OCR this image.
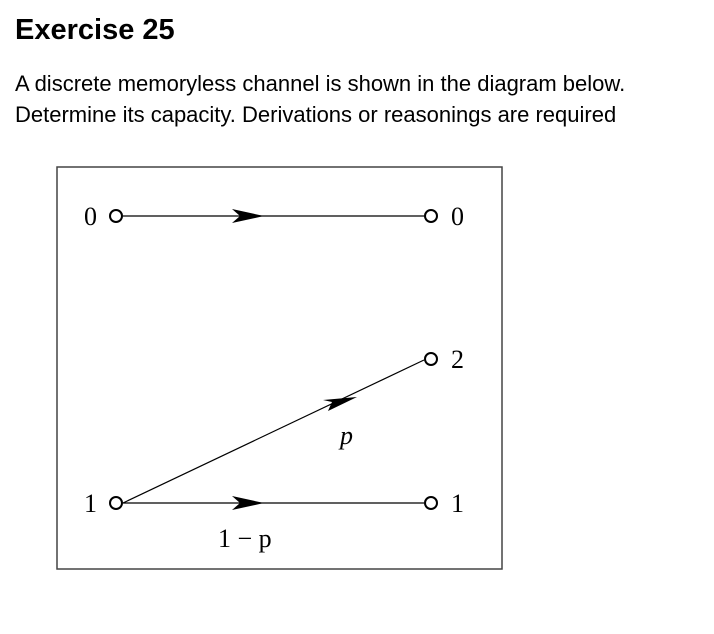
Exercise 25
A discrete memoryless channel is shown in the diagram below.
Determine its capacity. Derivations or reasonings are required
0
1
0
2
1
p
1 − p
